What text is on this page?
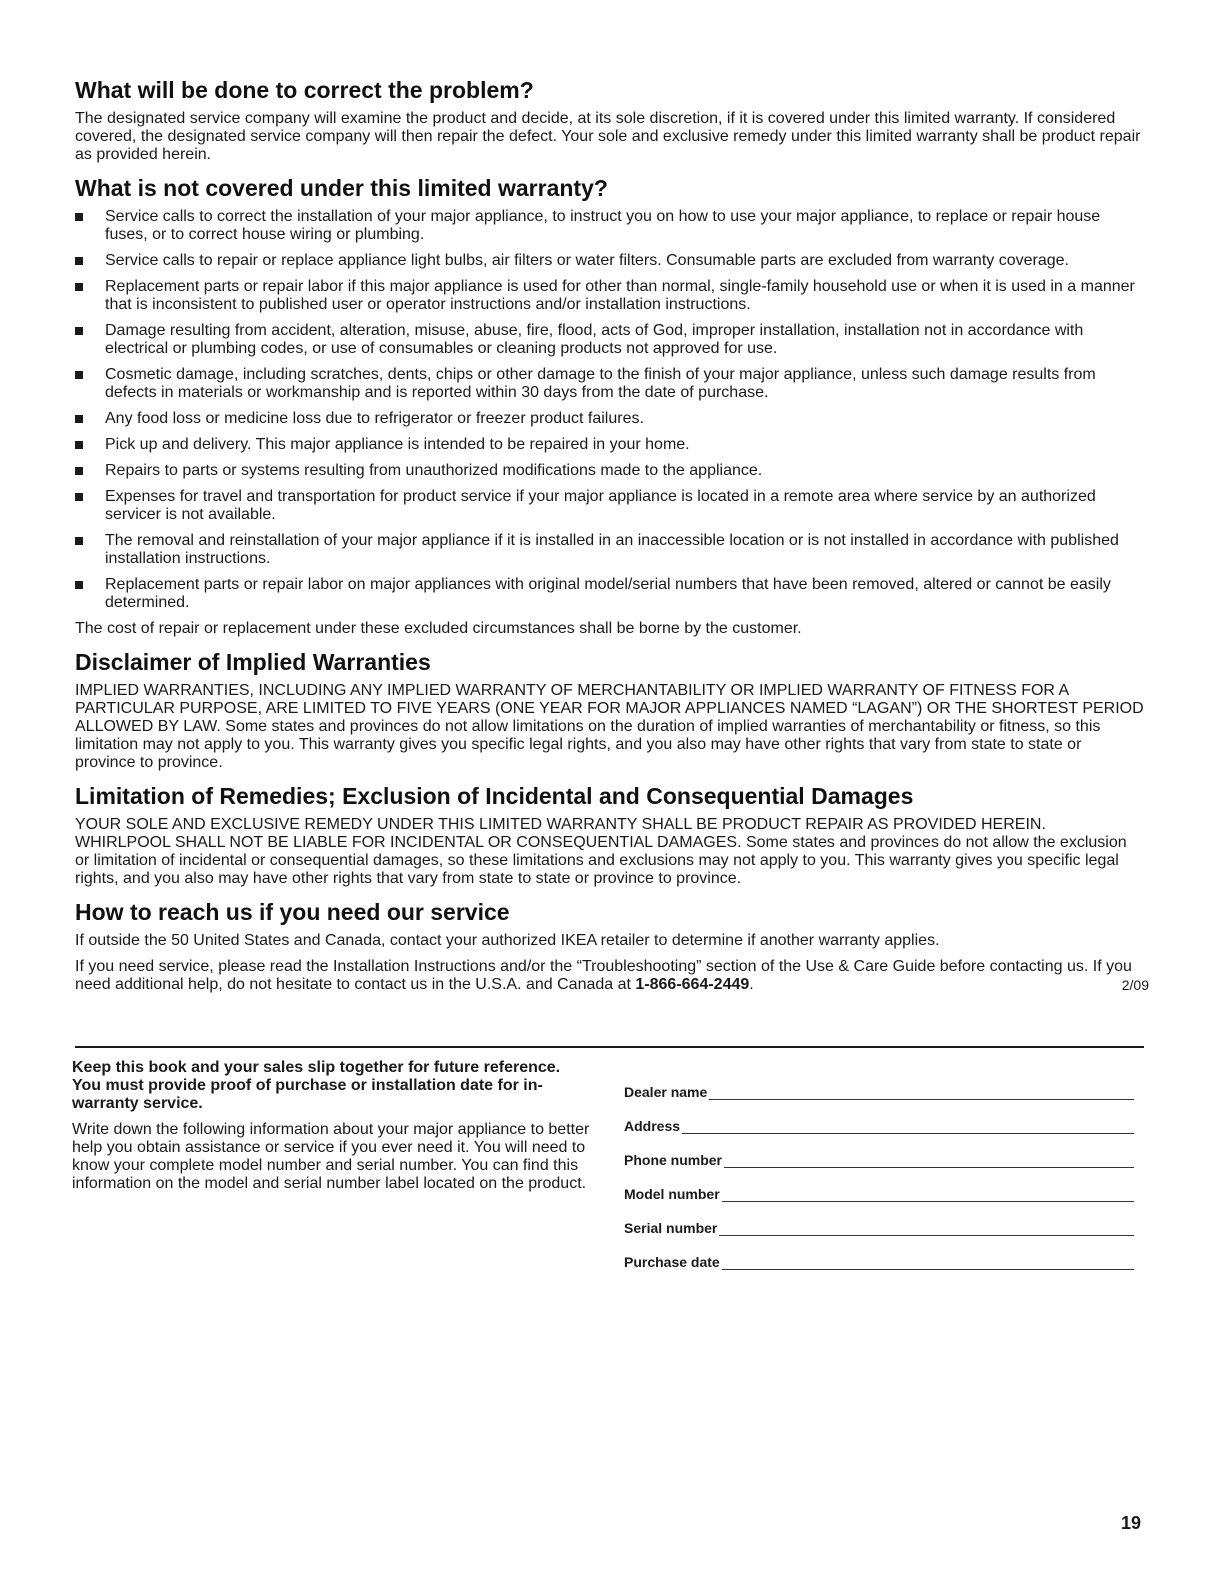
What will be done to correct the problem?

The designated service company will examine the product and decide, at its sole discretion, if it is covered under this limited warranty. If considered covered, the designated service company will then repair the defect. Your sole and exclusive remedy under this limited warranty shall be product repair as provided herein.

What is not covered under this limited warranty?
Service calls to correct the installation of your major appliance, to instruct you on how to use your major appliance, to replace or repair house fuses, or to correct house wiring or plumbing.
Service calls to repair or replace appliance light bulbs, air filters or water filters. Consumable parts are excluded from warranty coverage.
Replacement parts or repair labor if this major appliance is used for other than normal, single-family household use or when it is used in a manner that is inconsistent to published user or operator instructions and/or installation instructions.
Damage resulting from accident, alteration, misuse, abuse, fire, flood, acts of God, improper installation, installation not in accordance with electrical or plumbing codes, or use of consumables or cleaning products not approved for use.
Cosmetic damage, including scratches, dents, chips or other damage to the finish of your major appliance, unless such damage results from defects in materials or workmanship and is reported within 30 days from the date of purchase.
Any food loss or medicine loss due to refrigerator or freezer product failures.
Pick up and delivery. This major appliance is intended to be repaired in your home.
Repairs to parts or systems resulting from unauthorized modifications made to the appliance.
Expenses for travel and transportation for product service if your major appliance is located in a remote area where service by an authorized servicer is not available.
The removal and reinstallation of your major appliance if it is installed in an inaccessible location or is not installed in accordance with published installation instructions.
Replacement parts or repair labor on major appliances with original model/serial numbers that have been removed, altered or cannot be easily determined.

The cost of repair or replacement under these excluded circumstances shall be borne by the customer.

Disclaimer of Implied Warranties

IMPLIED WARRANTIES, INCLUDING ANY IMPLIED WARRANTY OF MERCHANTABILITY OR IMPLIED WARRANTY OF FITNESS FOR A PARTICULAR PURPOSE, ARE LIMITED TO FIVE YEARS (ONE YEAR FOR MAJOR APPLIANCES NAMED “LAGAN”) OR THE SHORTEST PERIOD ALLOWED BY LAW. Some states and provinces do not allow limitations on the duration of implied warranties of merchantability or fitness, so this limitation may not apply to you. This warranty gives you specific legal rights, and you also may have other rights that vary from state to state or province to province.

Limitation of Remedies; Exclusion of Incidental and Consequential Damages

YOUR SOLE AND EXCLUSIVE REMEDY UNDER THIS LIMITED WARRANTY SHALL BE PRODUCT REPAIR AS PROVIDED HEREIN. WHIRLPOOL SHALL NOT BE LIABLE FOR INCIDENTAL OR CONSEQUENTIAL DAMAGES. Some states and provinces do not allow the exclusion or limitation of incidental or consequential damages, so these limitations and exclusions may not apply to you. This warranty gives you specific legal rights, and you also may have other rights that vary from state to state or province to province.

How to reach us if you need our service

If outside the 50 United States and Canada, contact your authorized IKEA retailer to determine if another warranty applies.

If you need service, please read the Installation Instructions and/or the “Troubleshooting” section of the Use & Care Guide before contacting us. If you need additional help, do not hesitate to contact us in the U.S.A. and Canada at 1-866-664-2449.	2/09

Keep this book and your sales slip together for future reference. You must provide proof of purchase or installation date for in-warranty service.

Write down the following information about your major appliance to better help you obtain assistance or service if you ever need it. You will need to know your complete model number and serial number. You can find this information on the model and serial number label located on the product.

Dealer name
Address
Phone number
Model number
Serial number
Purchase date
19
